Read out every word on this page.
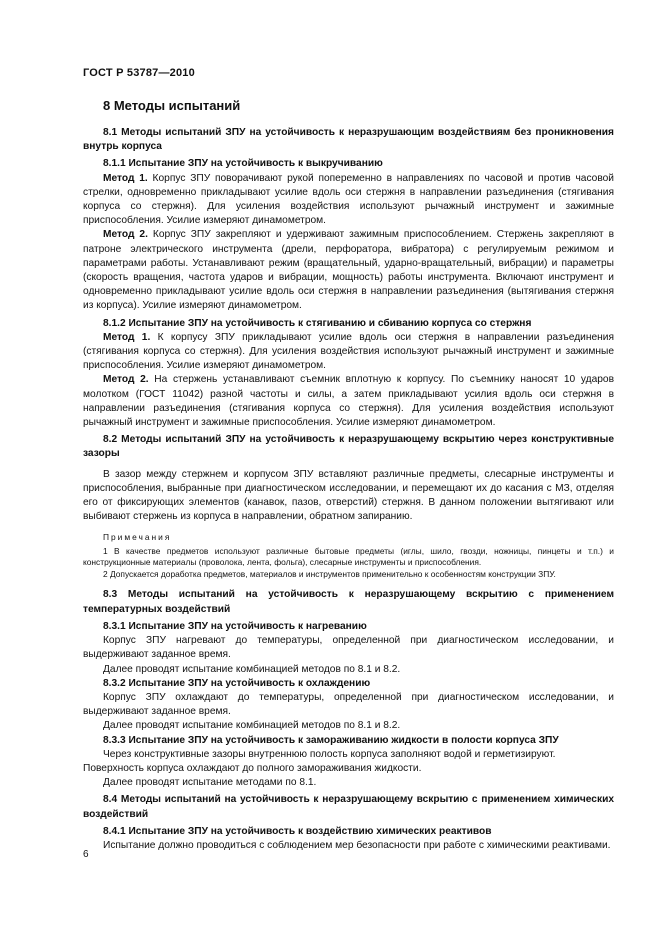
ГОСТ Р 53787—2010
8 Методы испытаний

8.1 Методы испытаний ЗПУ на устойчивость к неразрушающим воздействиям без проникновения внутрь корпуса

8.1.1 Испытание ЗПУ на устойчивость к выкручиванию

Метод 1. Корпус ЗПУ поворачивают рукой попеременно в направлениях по часовой и против часовой стрелки, одновременно прикладывают усилие вдоль оси стержня в направлении разъединения (стягивания корпуса со стержня). Для усиления воздействия используют рычажный инструмент и зажимные приспособления. Усилие измеряют динамометром.

Метод 2. Корпус ЗПУ закрепляют и удерживают зажимным приспособлением. Стержень закрепляют в патроне электрического инструмента (дрели, перфоратора, вибратора) с регулируемым режимом и параметрами работы. Устанавливают режим (вращательный, ударно-вращательный, вибрации) и параметры (скорость вращения, частота ударов и вибрации, мощность) работы инструмента. Включают инструмент и одновременно прикладывают усилие вдоль оси стержня в направлении разъединения (вытягивания стержня из корпуса). Усилие измеряют динамометром.

8.1.2 Испытание ЗПУ на устойчивость к стягиванию и сбиванию корпуса со стержня

Метод 1. К корпусу ЗПУ прикладывают усилие вдоль оси стержня в направлении разъединения (стягивания корпуса со стержня). Для усиления воздействия используют рычажный инструмент и зажимные приспособления. Усилие измеряют динамометром.

Метод 2. На стержень устанавливают съемник вплотную к корпусу. По съемнику наносят 10 ударов молотком (ГОСТ 11042) разной частоты и силы, а затем прикладывают усилия вдоль оси стержня в направлении разъединения (стягивания корпуса со стержня). Для усиления воздействия используют рычажный инструмент и зажимные приспособления. Усилие измеряют динамометром.

8.2 Методы испытаний ЗПУ на устойчивость к неразрушающему вскрытию через конструктивные зазоры

В зазор между стержнем и корпусом ЗПУ вставляют различные предметы, слесарные инструменты и приспособления, выбранные при диагностическом исследовании, и перемещают их до касания с МЗ, отделяя его от фиксирующих элементов (канавок, пазов, отверстий) стержня. В данном положении вытягивают или выбивают стержень из корпуса в направлении, обратном запиранию.

Примечания

1 В качестве предметов используют различные бытовые предметы (иглы, шило, гвозди, ножницы, пинцеты и т.п.) и конструкционные материалы (проволока, лента, фольга), слесарные инструменты и приспособления.

2 Допускается доработка предметов, материалов и инструментов применительно к особенностям конструкции ЗПУ.

8.3 Методы испытаний на устойчивость к неразрушающему вскрытию с применением температурных воздействий

8.3.1 Испытание ЗПУ на устойчивость к нагреванию

Корпус ЗПУ нагревают до температуры, определенной при диагностическом исследовании, и выдерживают заданное время.

Далее проводят испытание комбинацией методов по 8.1 и 8.2.

8.3.2 Испытание ЗПУ на устойчивость к охлаждению

Корпус ЗПУ охлаждают до температуры, определенной при диагностическом исследовании, и выдерживают заданное время.

Далее проводят испытание комбинацией методов по 8.1 и 8.2.

8.3.3 Испытание ЗПУ на устойчивость к замораживанию жидкости в полости корпуса ЗПУ

Через конструктивные зазоры внутреннюю полость корпуса заполняют водой и герметизируют.

Поверхность корпуса охлаждают до полного замораживания жидкости.

Далее проводят испытание методами по 8.1.

8.4 Методы испытаний на устойчивость к неразрушающему вскрытию с применением химических воздействий

8.4.1 Испытание ЗПУ на устойчивость к воздействию химических реактивов

Испытание должно проводиться с соблюдением мер безопасности при работе с химическими реактивами.

6
